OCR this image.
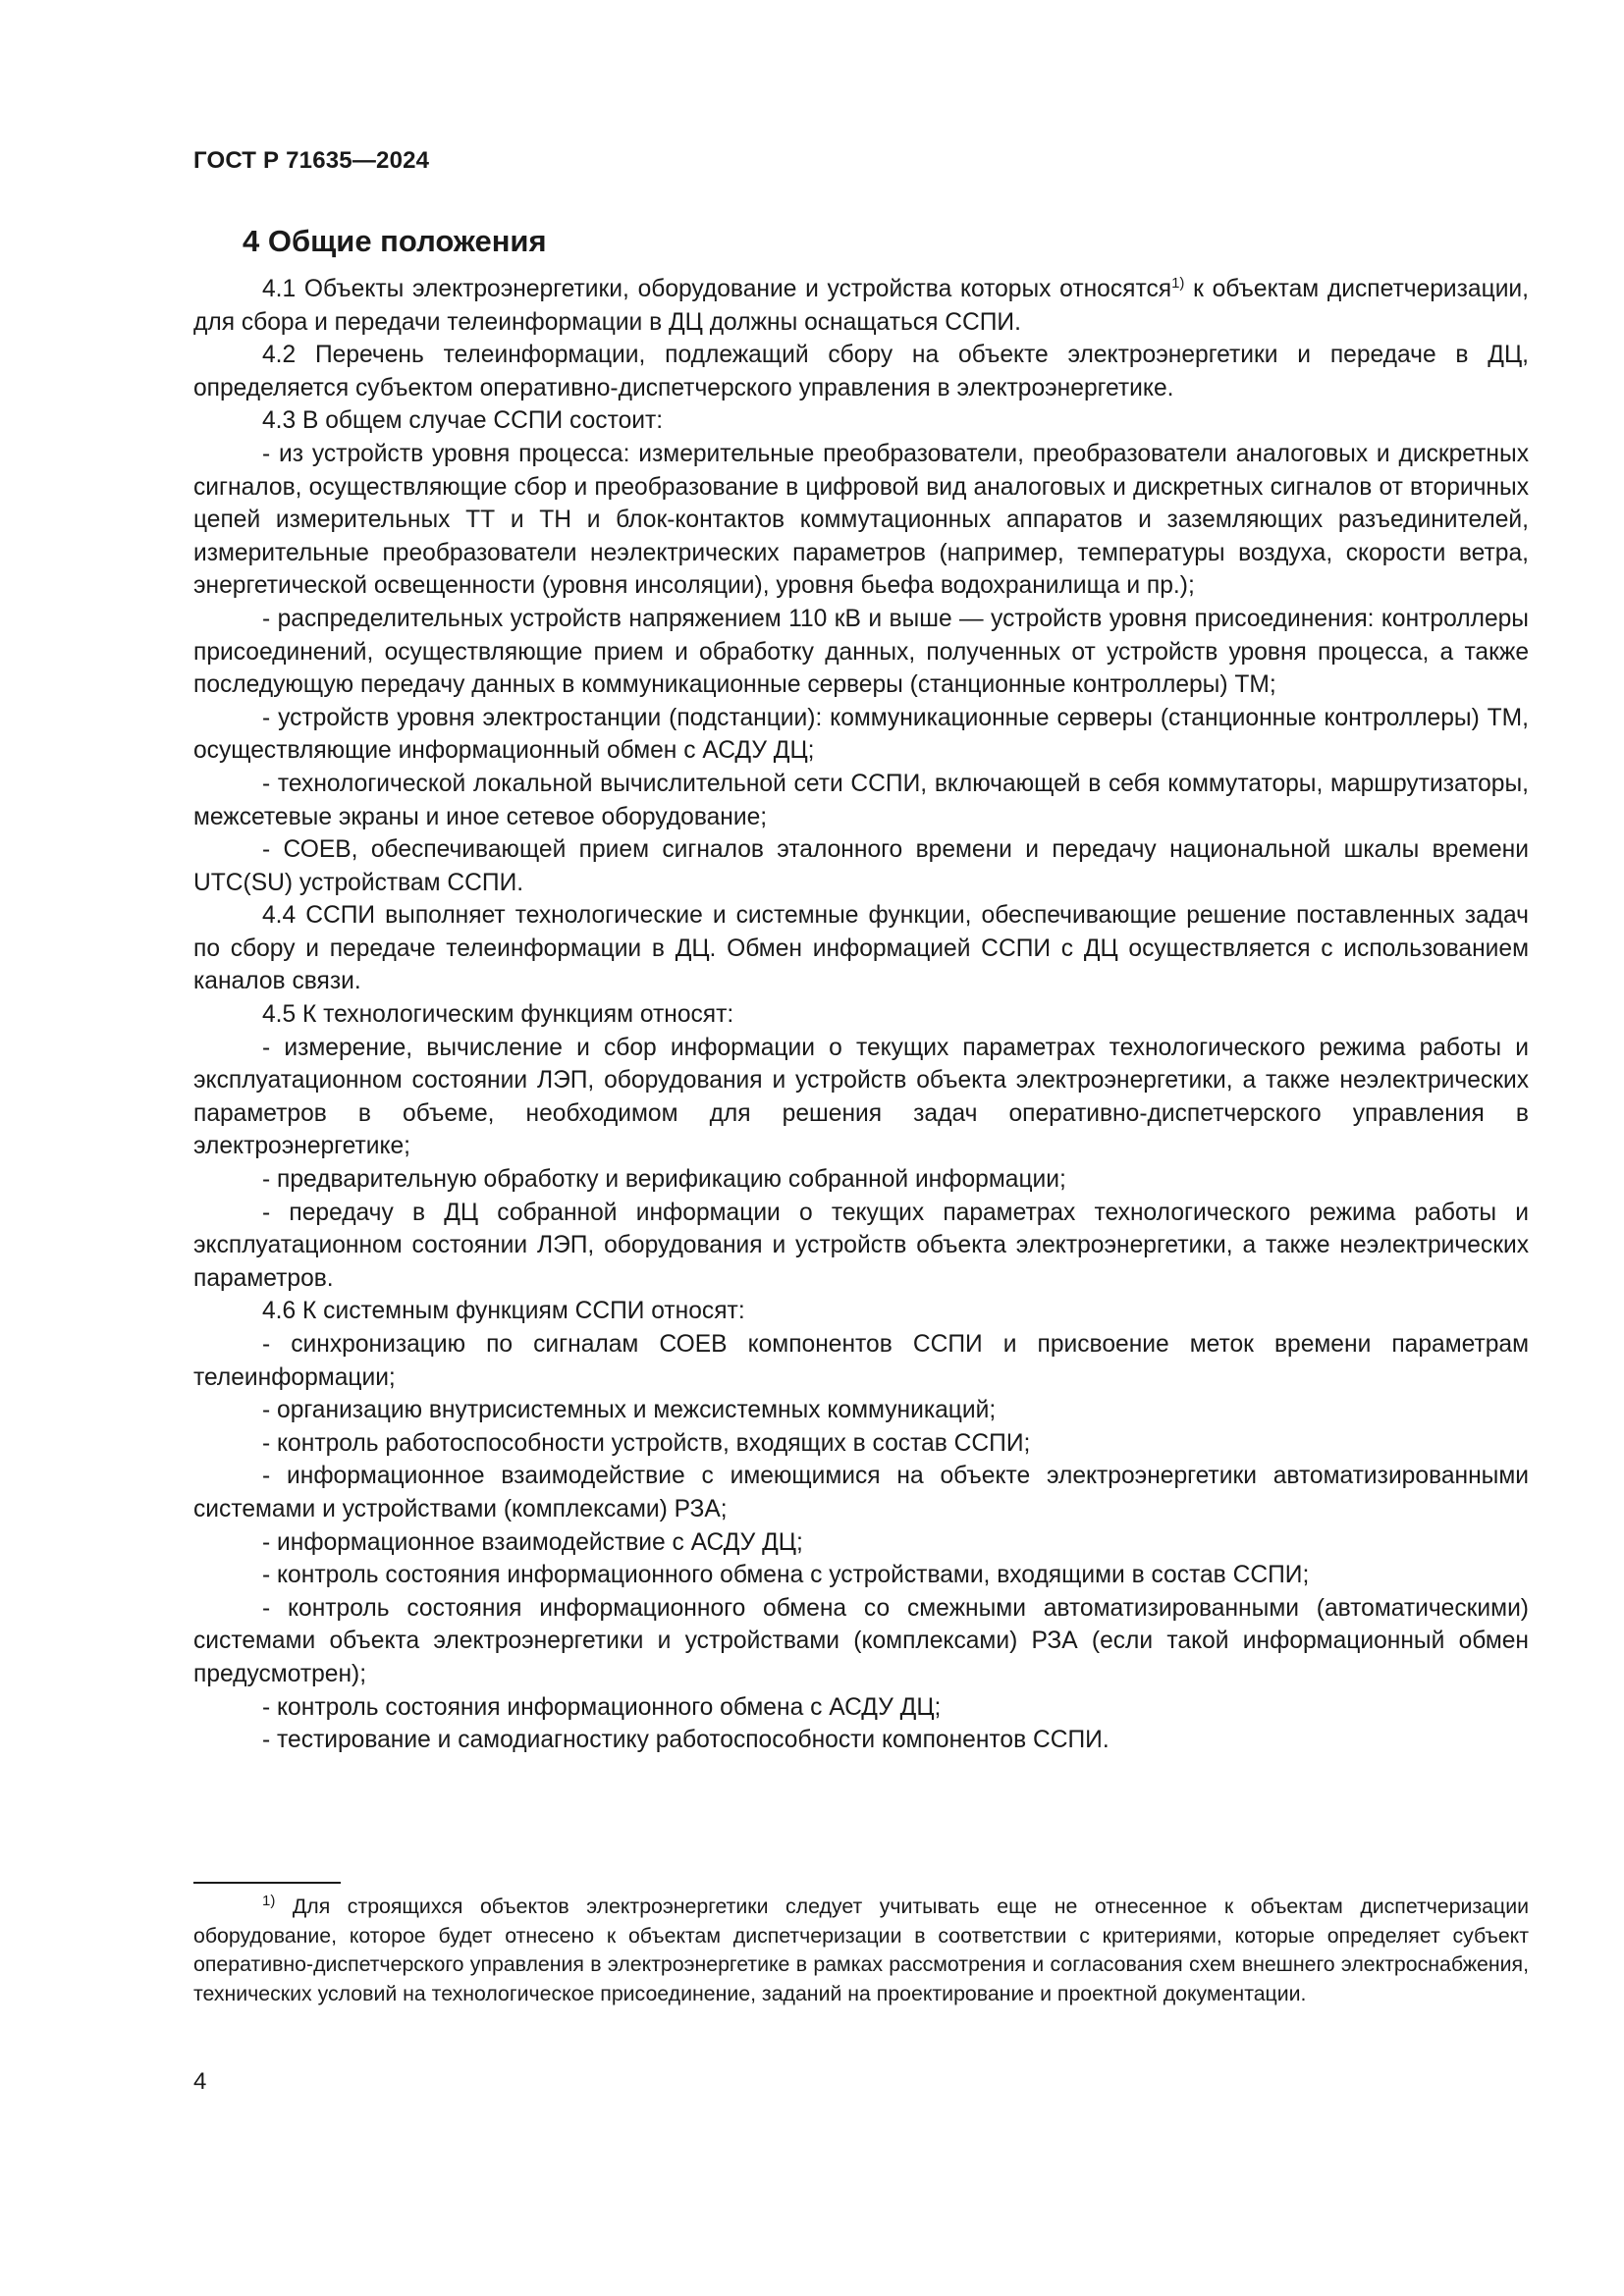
ГОСТ Р 71635—2024
4 Общие положения

4.1 Объекты электроэнергетики, оборудование и устройства которых относятся$^{1)}$ к объектам диспетчеризации, для сбора и передачи телеинформации в ДЦ должны оснащаться ССПИ.

4.2 Перечень телеинформации, подлежащий сбору на объекте электроэнергетики и передаче в ДЦ, определяется субъектом оперативно-диспетчерского управления в электроэнергетике.

4.3 В общем случае ССПИ состоит:

- из устройств уровня процесса: измерительные преобразователи, преобразователи аналоговых и дискретных сигналов, осуществляющие сбор и преобразование в цифровой вид аналоговых и дискретных сигналов от вторичных цепей измерительных ТТ и ТН и блок-контактов коммутационных аппаратов и заземляющих разъединителей, измерительные преобразователи неэлектрических параметров (например, температуры воздуха, скорости ветра, энергетической освещенности (уровня инсоляции), уровня бьефа водохранилища и пр.);

- распределительных устройств напряжением 110 кВ и выше — устройств уровня присоединения: контроллеры присоединений, осуществляющие прием и обработку данных, полученных от устройств уровня процесса, а также последующую передачу данных в коммуникационные серверы (станционные контроллеры) ТМ;

- устройств уровня электростанции (подстанции): коммуникационные серверы (станционные контроллеры) ТМ, осуществляющие информационный обмен с АСДУ ДЦ;

- технологической локальной вычислительной сети ССПИ, включающей в себя коммутаторы, маршрутизаторы, межсетевые экраны и иное сетевое оборудование;

- СОЕВ, обеспечивающей прием сигналов эталонного времени и передачу национальной шкалы времени UTC(SU) устройствам ССПИ.

4.4 ССПИ выполняет технологические и системные функции, обеспечивающие решение поставленных задач по сбору и передаче телеинформации в ДЦ. Обмен информацией ССПИ с ДЦ осуществляется с использованием каналов связи.

4.5 К технологическим функциям относят:

- измерение, вычисление и сбор информации о текущих параметрах технологического режима работы и эксплуатационном состоянии ЛЭП, оборудования и устройств объекта электроэнергетики, а также неэлектрических параметров в объеме, необходимом для решения задач оперативно-диспетчерского управления в электроэнергетике;

- предварительную обработку и верификацию собранной информации;

- передачу в ДЦ собранной информации о текущих параметрах технологического режима работы и эксплуатационном состоянии ЛЭП, оборудования и устройств объекта электроэнергетики, а также неэлектрических параметров.

4.6 К системным функциям ССПИ относят:

- синхронизацию по сигналам СОЕВ компонентов ССПИ и присвоение меток времени параметрам телеинформации;

- организацию внутрисистемных и межсистемных коммуникаций;

- контроль работоспособности устройств, входящих в состав ССПИ;

- информационное взаимодействие с имеющимися на объекте электроэнергетики автоматизированными системами и устройствами (комплексами) РЗА;

- информационное взаимодействие с АСДУ ДЦ;

- контроль состояния информационного обмена с устройствами, входящими в состав ССПИ;

- контроль состояния информационного обмена со смежными автоматизированными (автоматическими) системами объекта электроэнергетики и устройствами (комплексами) РЗА (если такой информационный обмен предусмотрен);

- контроль состояния информационного обмена с АСДУ ДЦ;

- тестирование и самодиагностику работоспособности компонентов ССПИ.

$^{1)}$ Для строящихся объектов электроэнергетики следует учитывать еще не отнесенное к объектам диспетчеризации оборудование, которое будет отнесено к объектам диспетчеризации в соответствии с критериями, которые определяет субъект оперативно-диспетчерского управления в электроэнергетике в рамках рассмотрения и согласования схем внешнего электроснабжения, технических условий на технологическое присоединение, заданий на проектирование и проектной документации.

4
